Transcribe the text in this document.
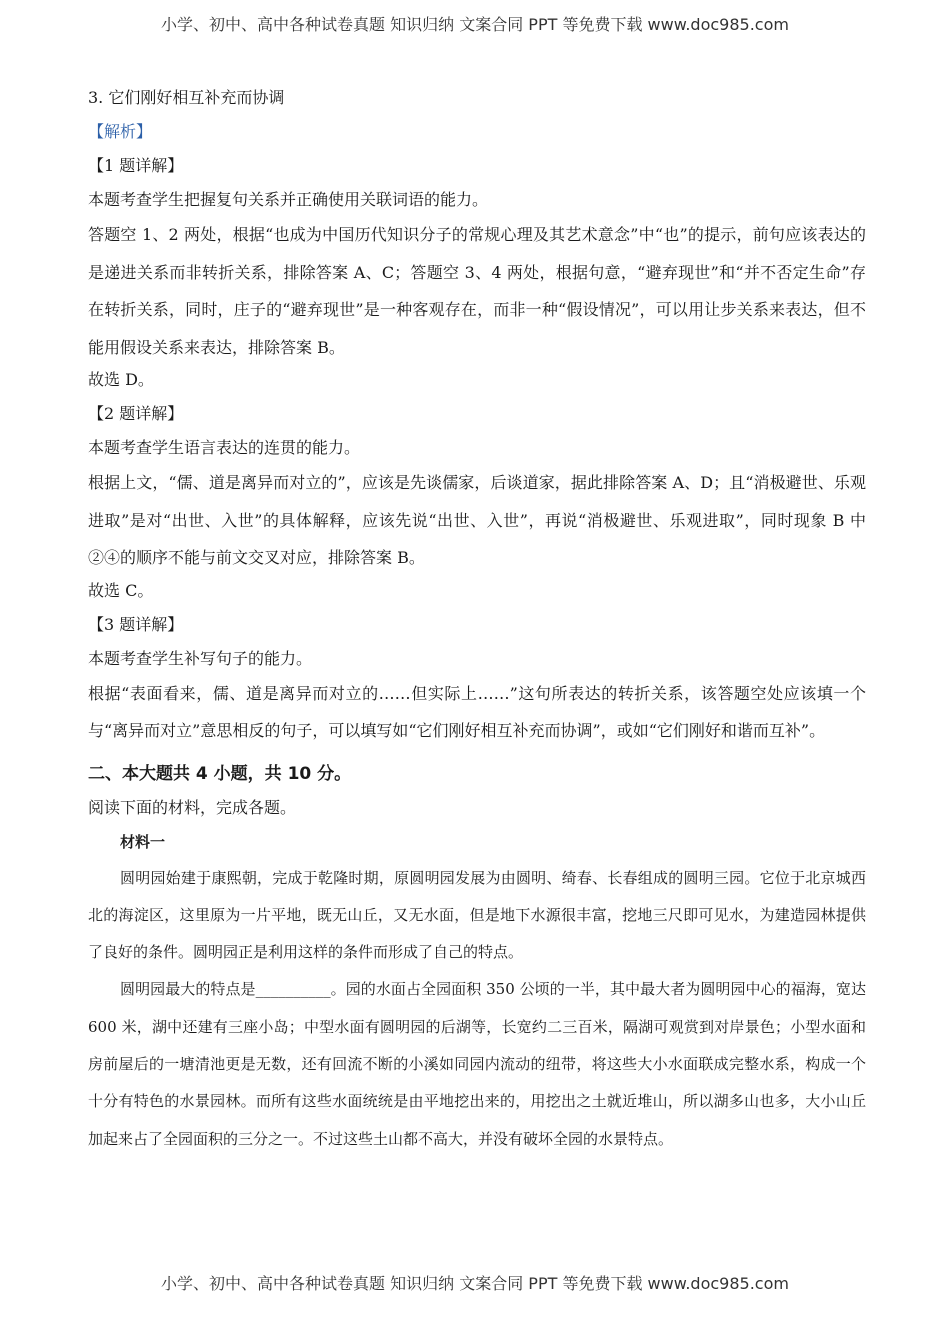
小学、初中、高中各种试卷真题 知识归纳 文案合同 PPT 等免费下载 www.doc985.com

3. 它们刚好相互补充而协调

【解析】

【1 题详解】

本题考查学生把握复句关系并正确使用关联词语的能力。

答题空 1、2 两处，根据“也成为中国历代知识分子的常规心理及其艺术意念”中“也”的提示，前句应该表达的是递进关系而非转折关系，排除答案 A、C；答题空 3、4 两处，根据句意，“避弃现世”和“并不否定生命”存在转折关系，同时，庄子的“避弃现世”是一种客观存在，而非一种“假设情况”，可以用让步关系来表达，但不能用假设关系来表达，排除答案 B。

故选 D。

【2 题详解】

本题考查学生语言表达的连贯的能力。

根据上文，“儒、道是离异而对立的”，应该是先谈儒家，后谈道家，据此排除答案 A、D；且“消极避世、乐观进取”是对“出世、入世”的具体解释，应该先说“出世、入世”，再说“消极避世、乐观进取”，同时现象 B 中②④的顺序不能与前文交叉对应，排除答案 B。

故选 C。

【3 题详解】

本题考查学生补写句子的能力。

根据“表面看来，儒、道是离异而对立的……但实际上……”这句所表达的转折关系，该答题空处应该填一个与“离异而对立”意思相反的句子，可以填写如“它们刚好相互补充而协调”，或如“它们刚好和谐而互补”。

二、本大题共 4 小题，共 10 分。

阅读下面的材料，完成各题。

材料一

圆明园始建于康熙朝，完成于乾隆时期，原圆明园发展为由圆明、绮春、长春组成的圆明三园。它位于北京城西北的海淀区，这里原为一片平地，既无山丘，又无水面，但是地下水源很丰富，挖地三尺即可见水，为建造园林提供了良好的条件。圆明园正是利用这样的条件而形成了自己的特点。

圆明园最大的特点是__________。园的水面占全园面积 350 公顷的一半，其中最大者为圆明园中心的福海，宽达 600 米，湖中还建有三座小岛；中型水面有圆明园的后湖等，长宽约二三百米，隔湖可观赏到对岸景色；小型水面和房前屋后的一塘清池更是无数，还有回流不断的小溪如同园内流动的纽带，将这些大小水面联成完整水系，构成一个十分有特色的水景园林。而所有这些水面统统是由平地挖出来的，用挖出之土就近堆山，所以湖多山也多，大小山丘加起来占了全园面积的三分之一。不过这些土山都不高大，并没有破坏全园的水景特点。

小学、初中、高中各种试卷真题 知识归纳 文案合同 PPT 等免费下载 www.doc985.com
